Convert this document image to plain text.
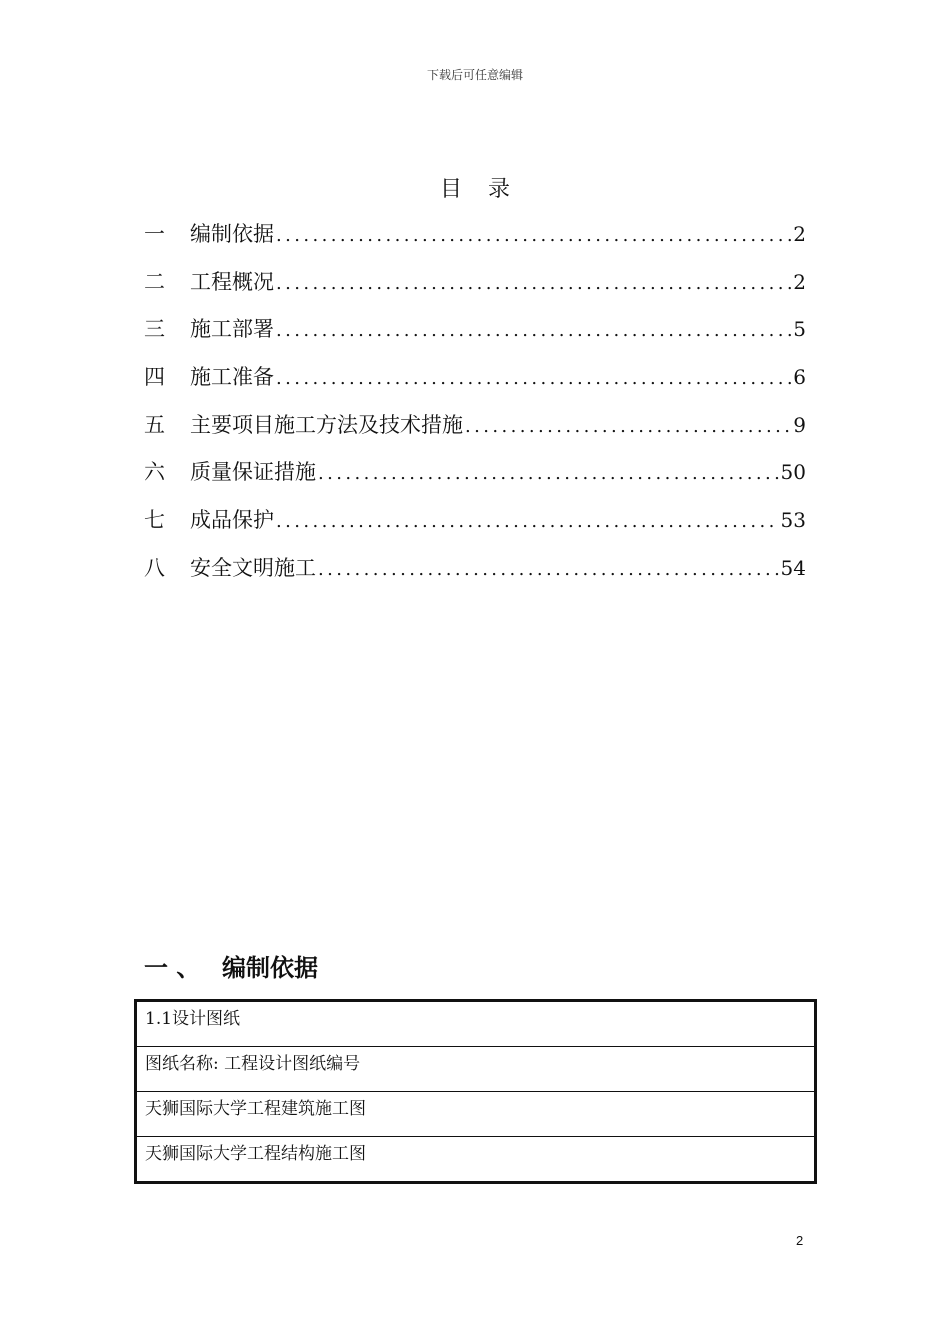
下载后可任意编辑
目录
一	编制依据 .....	2
二	工程概况 .....	2
三	施工部署 .....	5
四	施工准备 .....	6
五	主要项目施工方法及技术措施 .....	9
六	质量保证措施 .....	50
七	成品保护 .....	53
八	安全文明施工 .....	54
一 、 编制依据
1.1设计图纸
图纸名称: 工程设计图纸编号
天狮国际大学工程建筑施工图
天狮国际大学工程结构施工图
2
